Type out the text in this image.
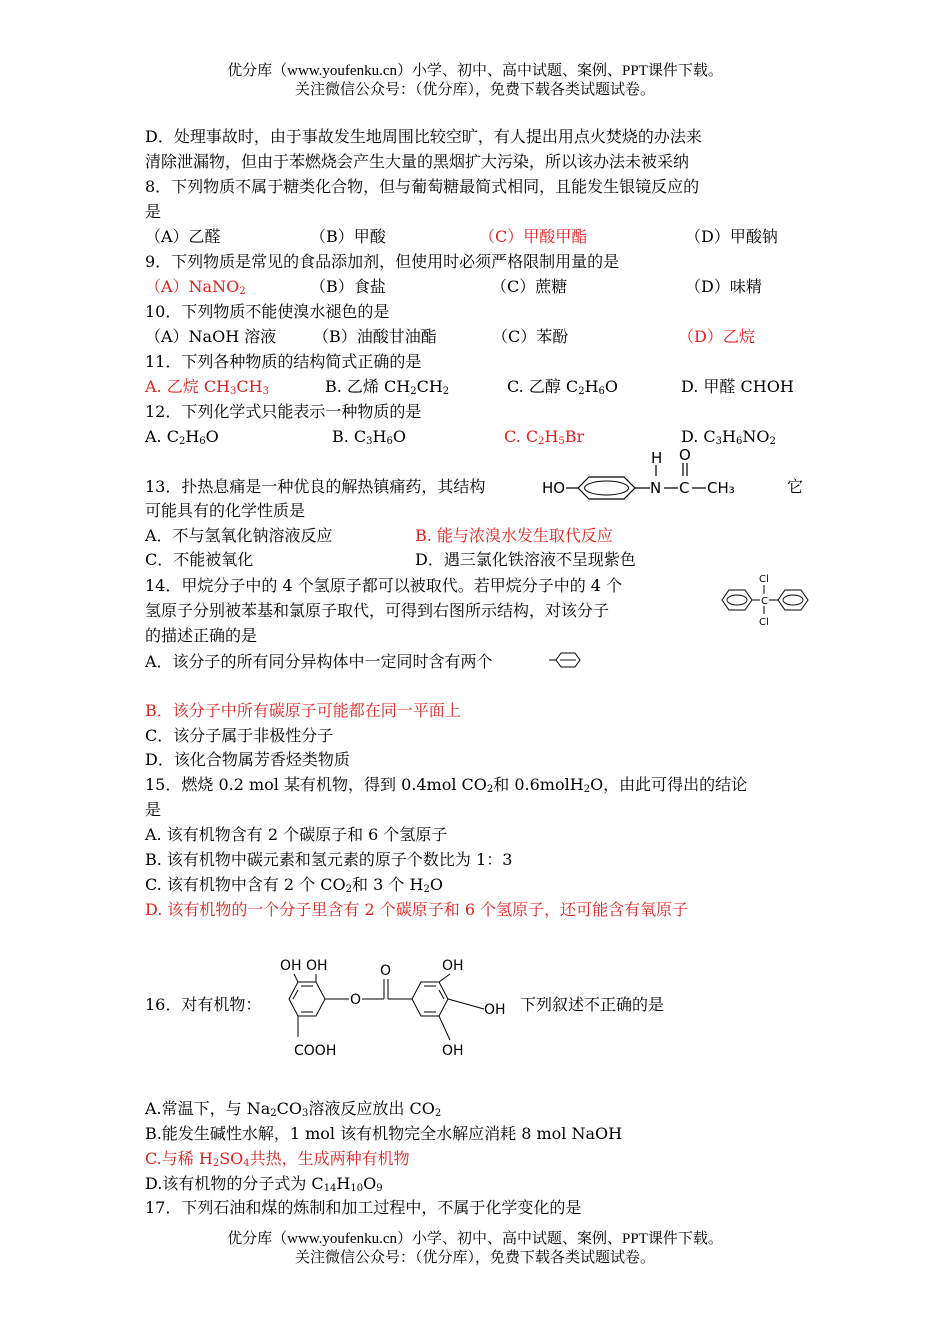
优分库（www.youfenku.cn）小学、初中、高中试题、案例、PPT课件下载。
关注微信公众号：（优分库），免费下载各类试题试卷。
D．处理事故时，由于事故发生地周围比较空旷，有人提出用点火焚烧的办法来
清除泄漏物，但由于苯燃烧会产生大量的黑烟扩大污染，所以该办法未被采纳
8．下列物质不属于糖类化合物，但与葡萄糖最简式相同，且能发生银镜反应的
是
（A）乙醛	（B）甲酸	（C）甲酸甲酯	（D）甲酸钠
9．下列物质是常见的食品添加剂，但使用时必须严格限制用量的是
（A）NaNO$_2$	（B）食盐	（C）蔗糖	（D）味精
10．下列物质不能使溴水褪色的是
（A）NaOH 溶液 （B）油酸甘油酯	（C）苯酚	（D）乙烷
11．下列各种物质的结构简式正确的是
A. 乙烷 $CH_3CH_3$	B. 乙烯 $CH_2CH_2$	C. 乙醇 $C_2H_6O$	D. 甲醛 CHOH
12．下列化学式只能表示一种物质的是
A. $C_2H_6O$	B. $C_3H_6O$	C. $C_2H_5Br$	D. $C_3H_6NO_2$
13．扑热息痛是一种优良的解热镇痛药，其结构	HO	N
H
C
O
CH₃	它
可能具有的化学性质是
A．不与氢氧化钠溶液反应	B. 能与浓溴水发生取代反应
C．不能被氧化	D．遇三氯化铁溶液不呈现紫色
14．甲烷分子中的 4 个氢原子都可以被取代。若甲烷分子中的 4 个
氢原子分别被苯基和氯原子取代，可得到右图所示结构，对该分子
的描述正确的是
Cl
C
Cl
A．该分子的所有同分异构体中一定同时含有两个
B．该分子中所有碳原子可能都在同一平面上
C．该分子属于非极性分子
D．该化合物属芳香烃类物质
15．燃烧 0.2 mol 某有机物，得到 0.4mol $CO_2$和 0.6molH$_2$O，由此可得出的结论
是
A. 该有机物含有 2 个碳原子和 6 个氢原子
B. 该有机物中碳元素和氢元素的原子个数比为 1：3
C. 该有机物中含有 2 个 $CO_2$和 3 个 $H_2O$
D. 该有机物的一个分子里含有 2 个碳原子和 6 个氢原子，还可能含有氧原子
16．对有机物：
OH OH
COOH
O
O	OH
OH
OH
下列叙述不正确的是
A.常温下，与 $Na_2CO_3$溶液反应放出 $CO_2$
B.能发生碱性水解，1 mol 该有机物完全水解应消耗 8 mol NaOH
C.与稀 $H_2SO_4$共热，生成两种有机物
D.该有机物的分子式为 $C_{14}H_{10}O_9$
17．下列石油和煤的炼制和加工过程中，不属于化学变化的是
优分库（www.youfenku.cn）小学、初中、高中试题、案例、PPT课件下载。
关注微信公众号：（优分库），免费下载各类试题试卷。
